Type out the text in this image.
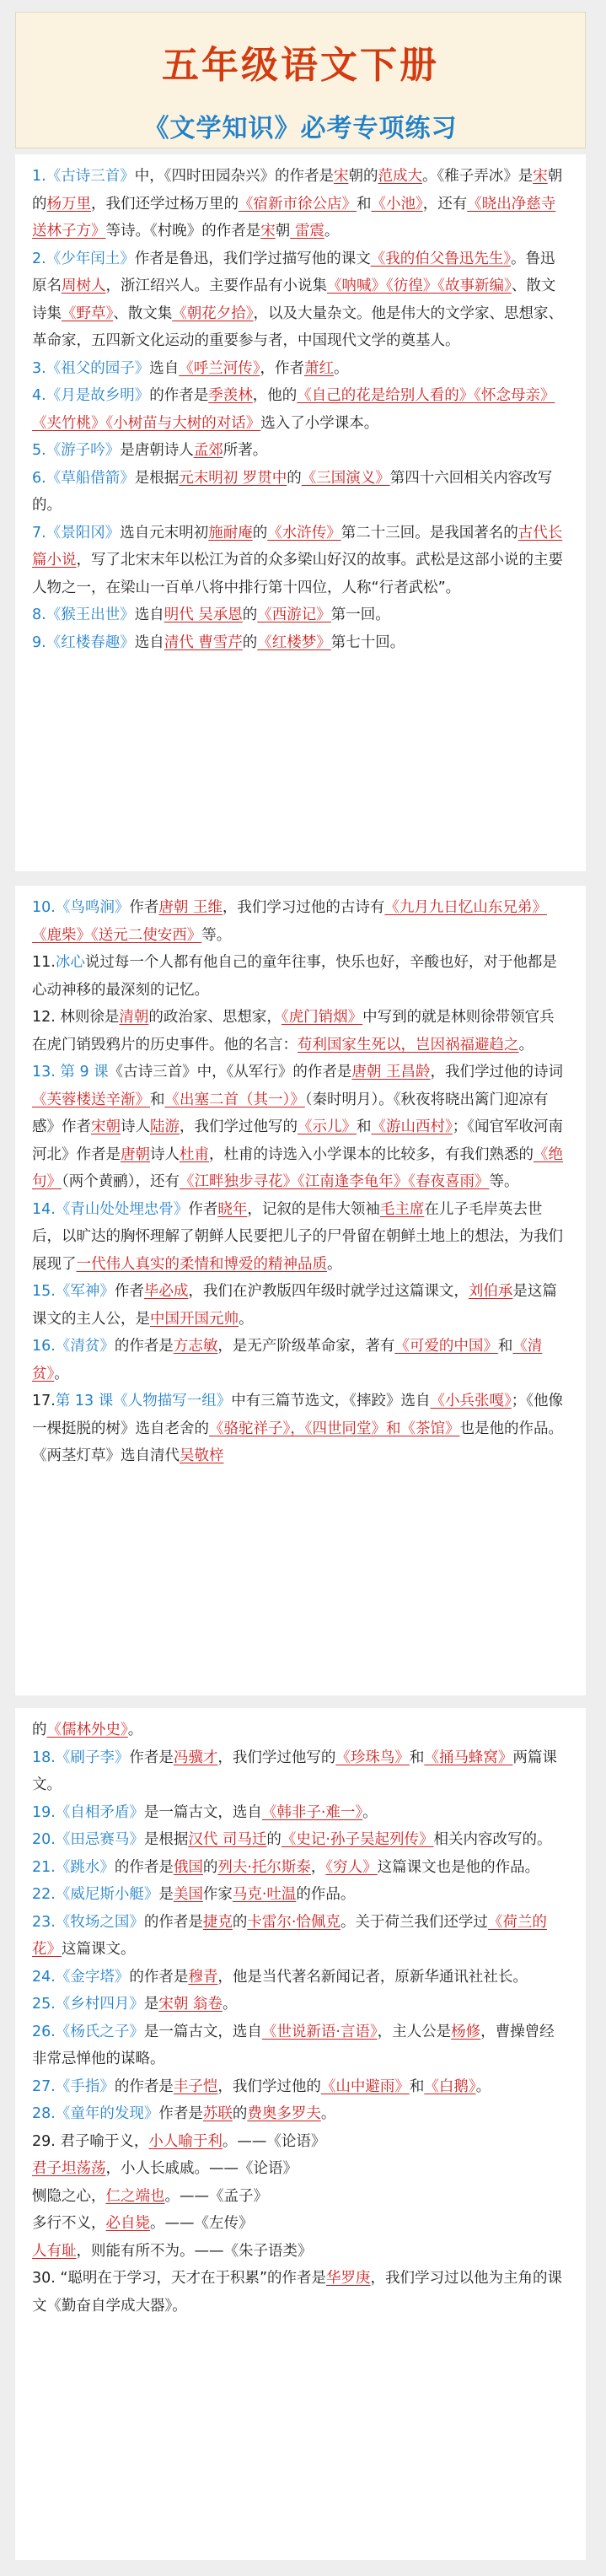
五年级语文下册
《文学知识》必考专项练习

1.《古诗三首》中，《四时田园杂兴》的作者是宋朝的范成大。《稚子弄冰》是宋朝的杨万里，我们还学过杨万里的《宿新市徐公店》和《小池》，还有《晓出净慈寺送林子方》等诗。《村晚》的作者是宋朝 雷震。

2.《少年闰土》作者是鲁迅，我们学过描写他的课文《我的伯父鲁迅先生》。鲁迅原名周树人，浙江绍兴人。主要作品有小说集《呐喊》《彷徨》《故事新编》、散文诗集《野草》、散文集《朝花夕拾》，以及大量杂文。他是伟大的文学家、思想家、革命家，五四新文化运动的重要参与者，中国现代文学的奠基人。

3.《祖父的园子》选自《呼兰河传》，作者萧红。

4.《月是故乡明》的作者是季羡林，他的《自己的花是给别人看的》《怀念母亲》《夹竹桃》《小树苗与大树的对话》选入了小学课本。

5.《游子吟》是唐朝诗人孟郊所著。

6.《草船借箭》是根据元末明初 罗贯中的《三国演义》第四十六回相关内容改写的。

7.《景阳冈》选自元末明初施耐庵的《水浒传》第二十三回。是我国著名的古代长篇小说，写了北宋末年以松江为首的众多梁山好汉的故事。武松是这部小说的主要人物之一，在梁山一百单八将中排行第十四位，人称“行者武松”。

8.《猴王出世》选自明代 吴承恩的《西游记》第一回。

9.《红楼春趣》选自清代 曹雪芹的《红楼梦》第七十回。

10.《鸟鸣涧》作者唐朝 王维，我们学习过他的古诗有《九月九日忆山东兄弟》《鹿柴》《送元二使安西》等。

11.冰心说过每一个人都有他自己的童年往事，快乐也好，辛酸也好，对于他都是心动神移的最深刻的记忆。

12. 林则徐是清朝的政治家、思想家，《虎门销烟》中写到的就是林则徐带领官兵在虎门销毁鸦片的历史事件。他的名言：苟利国家生死以，岂因祸福避趋之。

13. 第 9 课《古诗三首》中，《从军行》的作者是唐朝 王昌龄，我们学过他的诗词《芙蓉楼送辛渐》和《出塞二首（其一）》（秦时明月）。《秋夜将晓出篱门迎凉有感》作者宋朝诗人陆游，我们学过他写的《示儿》和《游山西村》；《闻官军收河南河北》作者是唐朝诗人杜甫，杜甫的诗选入小学课本的比较多，有我们熟悉的《绝句》（两个黄鹂），还有《江畔独步寻花》《江南逢李龟年》《春夜喜雨》等。

14.《青山处处埋忠骨》作者晓年，记叙的是伟大领袖毛主席在儿子毛岸英去世后，以旷达的胸怀理解了朝鲜人民要把儿子的尸骨留在朝鲜土地上的想法，为我们展现了一代伟人真实的柔情和博爱的精神品质。

15.《军神》作者毕必成，我们在沪教版四年级时就学过这篇课文，刘伯承是这篇课文的主人公，是中国开国元帅。

16.《清贫》的作者是方志敏，是无产阶级革命家，著有《可爱的中国》和《清贫》。

17.第 13 课《人物描写一组》中有三篇节选文，《摔跤》选自《小兵张嘎》；《他像一棵挺脱的树》选自老舍的《骆驼祥子》，《四世同堂》和《茶馆》也是他的作品。《两茎灯草》选自清代吴敬梓

的《儒林外史》。

18.《刷子李》作者是冯骥才，我们学过他写的《珍珠鸟》和《捅马蜂窝》两篇课文。

19.《自相矛盾》是一篇古文，选自《韩非子·难一》。

20.《田忌赛马》是根据汉代 司马迁的《史记·孙子吴起列传》相关内容改写的。

21.《跳水》的作者是俄国的列夫·托尔斯泰，《穷人》这篇课文也是他的作品。

22.《威尼斯小艇》是美国作家马克·吐温的作品。

23.《牧场之国》的作者是捷克的卡雷尔·恰佩克。关于荷兰我们还学过《荷兰的花》这篇课文。

24.《金字塔》的作者是穆青，他是当代著名新闻记者，原新华通讯社社长。

25.《乡村四月》是宋朝 翁卷。

26.《杨氏之子》是一篇古文，选自《世说新语·言语》，主人公是杨修，曹操曾经非常忌惮他的谋略。

27.《手指》的作者是丰子恺，我们学过他的《山中避雨》和《白鹅》。

28.《童年的发现》作者是苏联的费奥多罗夫。

29. 君子喻于义，小人喻于利。——《论语》

君子坦荡荡，小人长戚戚。——《论语》

恻隐之心，仁之端也。——《孟子》

多行不义，必自毙。——《左传》

人有耻，则能有所不为。——《朱子语类》

30. “聪明在于学习，天才在于积累”的作者是华罗庚，我们学习过以他为主角的课文《勤奋自学成大器》。
